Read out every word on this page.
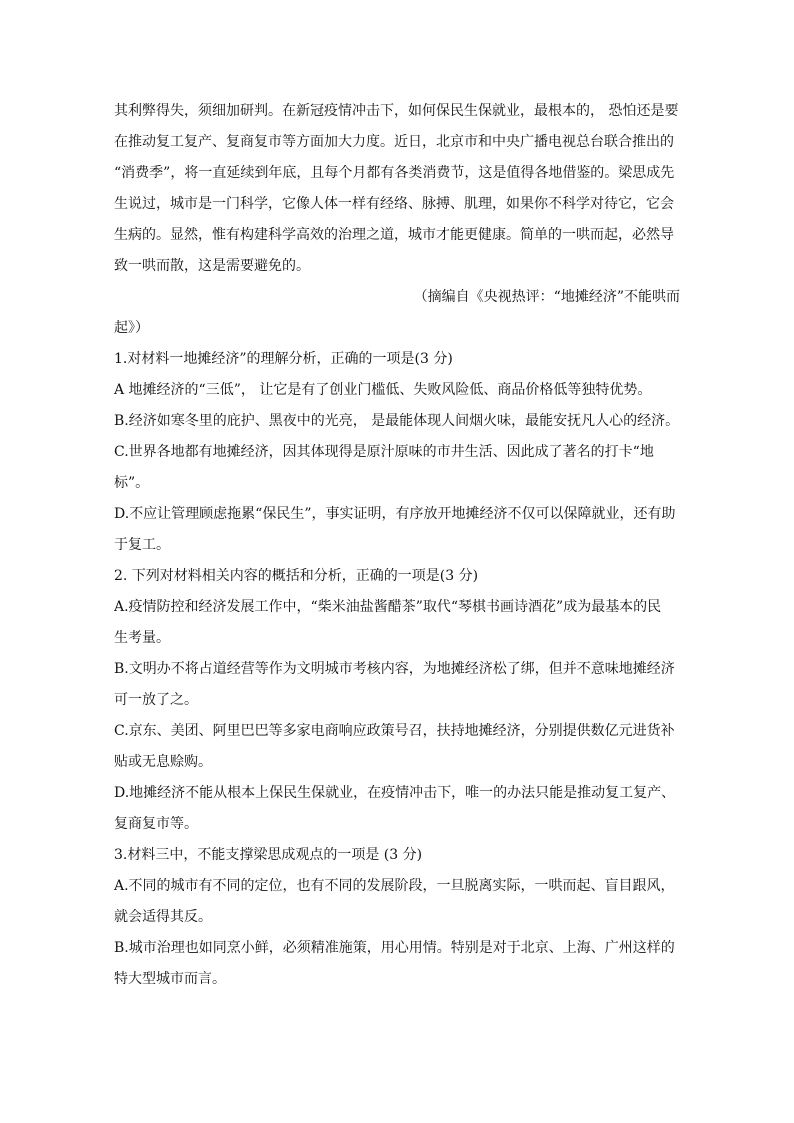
其利弊得失，须细加研判。在新冠疫情冲击下，如何保民生保就业，最根本的， 恐怕还是要
在推动复工复产、复商复市等方面加大力度。近日，北京市和中央广播电视总台联合推出的
“消费季”，将一直延续到年底，且每个月都有各类消费节，这是值得各地借鉴的。梁思成先
生说过，城市是一门科学，它像人体一样有经络、脉搏、肌理，如果你不科学对待它，它会
生病的。显然，惟有构建科学高效的治理之道，城市才能更健康。简单的一哄而起，必然导
致一哄而散，这是需要避免的。
（摘编自《央视热评：“地摊经济”不能哄而
起》）
1.对材料一地摊经济”的理解分析，正确的一项是(3 分)
A 地摊经济的“三低”， 让它是有了创业门槛低、失败风险低、商品价格低等独特优势。
B.经济如寒冬里的庇护、黑夜中的光亮， 是最能体现人间烟火味，最能安抚凡人心的经济。
C.世界各地都有地摊经济，因其体现得是原汁原味的市井生活、因此成了著名的打卡“地
标”。
D.不应让管理顾虑拖累“保民生”，事实证明，有序放开地摊经济不仅可以保障就业，还有助
于复工。
2. 下列对材料相关内容的概括和分析，正确的一项是(3 分)
A.疫情防控和经济发展工作中，“柴米油盐酱醋茶”取代“琴棋书画诗酒花”成为最基本的民
生考量。
B.文明办不将占道经营等作为文明城市考核内容，为地摊经济松了绑，但并不意味地摊经济
可一放了之。
C.京东、美团、阿里巴巴等多家电商响应政策号召，扶持地摊经济，分别提供数亿元进货补
贴或无息赊购。
D.地摊经济不能从根本上保民生保就业，在疫情冲击下，唯一的办法只能是推动复工复产、
复商复市等。
3.材料三中，不能支撑梁思成观点的一项是 (3 分)
A.不同的城市有不同的定位，也有不同的发展阶段，一旦脱离实际，一哄而起、盲目跟风，
就会适得其反。
B.城市治理也如同烹小鲜，必须精准施策，用心用情。特别是对于北京、上海、广州这样的
特大型城市而言。
